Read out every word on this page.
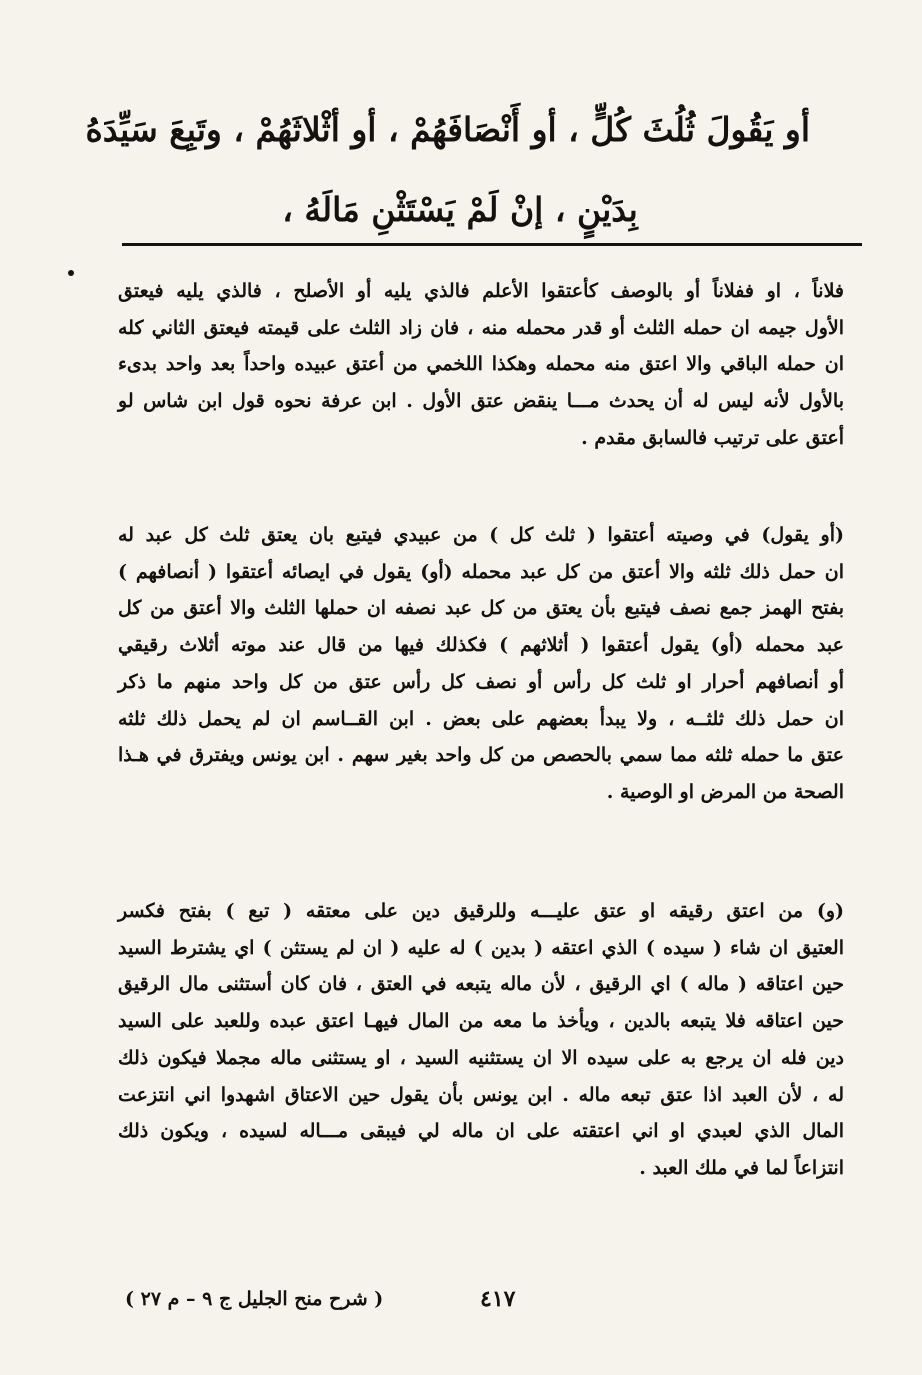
أو يَقُولَ ثُلُثَ كُلٍّ ، أو أَنْصَافَهُمْ ، أو أثْلاثَهُمْ ، وتَبِعَ سَيِّدَهُ
بِدَيْنٍ ، إنْ لَمْ يَسْتَثْنِ مَالَهُ ،
فلاناً ، او ففلاناً أو بالوصف كأعتقوا الأعلم فالذي يليه أو الأصلح ، فالذي يليه فيعتق
الأول جيمه ان حمله الثلث أو قدر محمله منه ، فان زاد الثلث على قيمته فيعتق الثاني كله
ان حمله الباقي والا اعتق منه محمله وهكذا اللخمي من أعتق عبيده واحداً بعد واحد بدىء
بالأول لأنه ليس له أن يحدث مـــا ينقض عتق الأول . ابن عرفة نحوه قول ابن شاس لو
أعتق على ترتيب فالسابق مقدم .
(أو يقول) في وصيته أعتقوا ( ثلث كل ) من عبيدي فيتبع بان يعتق ثلث كل عبد له
ان حمل ذلك ثلثه والا أعتق من كل عبد محمله (أو) يقول في ايصائه أعتقوا ( أنصافهم )
بفتح الهمز جمع نصف فيتبع بأن يعتق من كل عبد نصفه ان حملها الثلث والا أعتق من كل
عبد محمله (أو) يقول أعتقوا ( أثلاثهم ) فكذلك فيها من قال عند موته أثلاث رقيقي
أو أنصافهم أحرار او ثلث كل رأس أو نصف كل رأس عتق من كل واحد منهم ما ذكر
ان حمل ذلك ثلثــه ، ولا يبدأ بعضهم على بعض . ابن القــاسم ان لم يحمل ذلك ثلثه
عتق ما حمله ثلثه مما سمي بالحصص من كل واحد بغير سهم . ابن يونس ويفترق في هـذا
الصحة من المرض او الوصية .
(و) من اعتق رقيقه او عتق عليـــه وللرقيق دين على معتقه ( تبع ) بفتح فكسر
العتيق ان شاء ( سيده ) الذي اعتقه ( بدين ) له عليه ( ان لم يستثن ) اي يشترط السيد
حين اعتاقه ( ماله ) اي الرقيق ، لأن ماله يتبعه في العتق ، فان كان أستثنى مال الرقيق
حين اعتاقه فلا يتبعه بالدين ، ويأخذ ما معه من المال فيهـا اعتق عبده وللعبد على السيد
دين فله ان يرجع به على سيده الا ان يستثنيه السيد ، او يستثنى ماله مجملا فيكون ذلك
له ، لأن العبد اذا عتق تبعه ماله . ابن يونس بأن يقول حين الاعتاق اشهدوا اني انتزعت
المال الذي لعبدي او اني اعتقته على ان ماله لي فيبقى مـــاله لسيده ، ويكون ذلك
انتزاعاً لما في ملك العبد .
٤١٧
( شرح منح الجليل ج ٩ – م ٢٧ )
